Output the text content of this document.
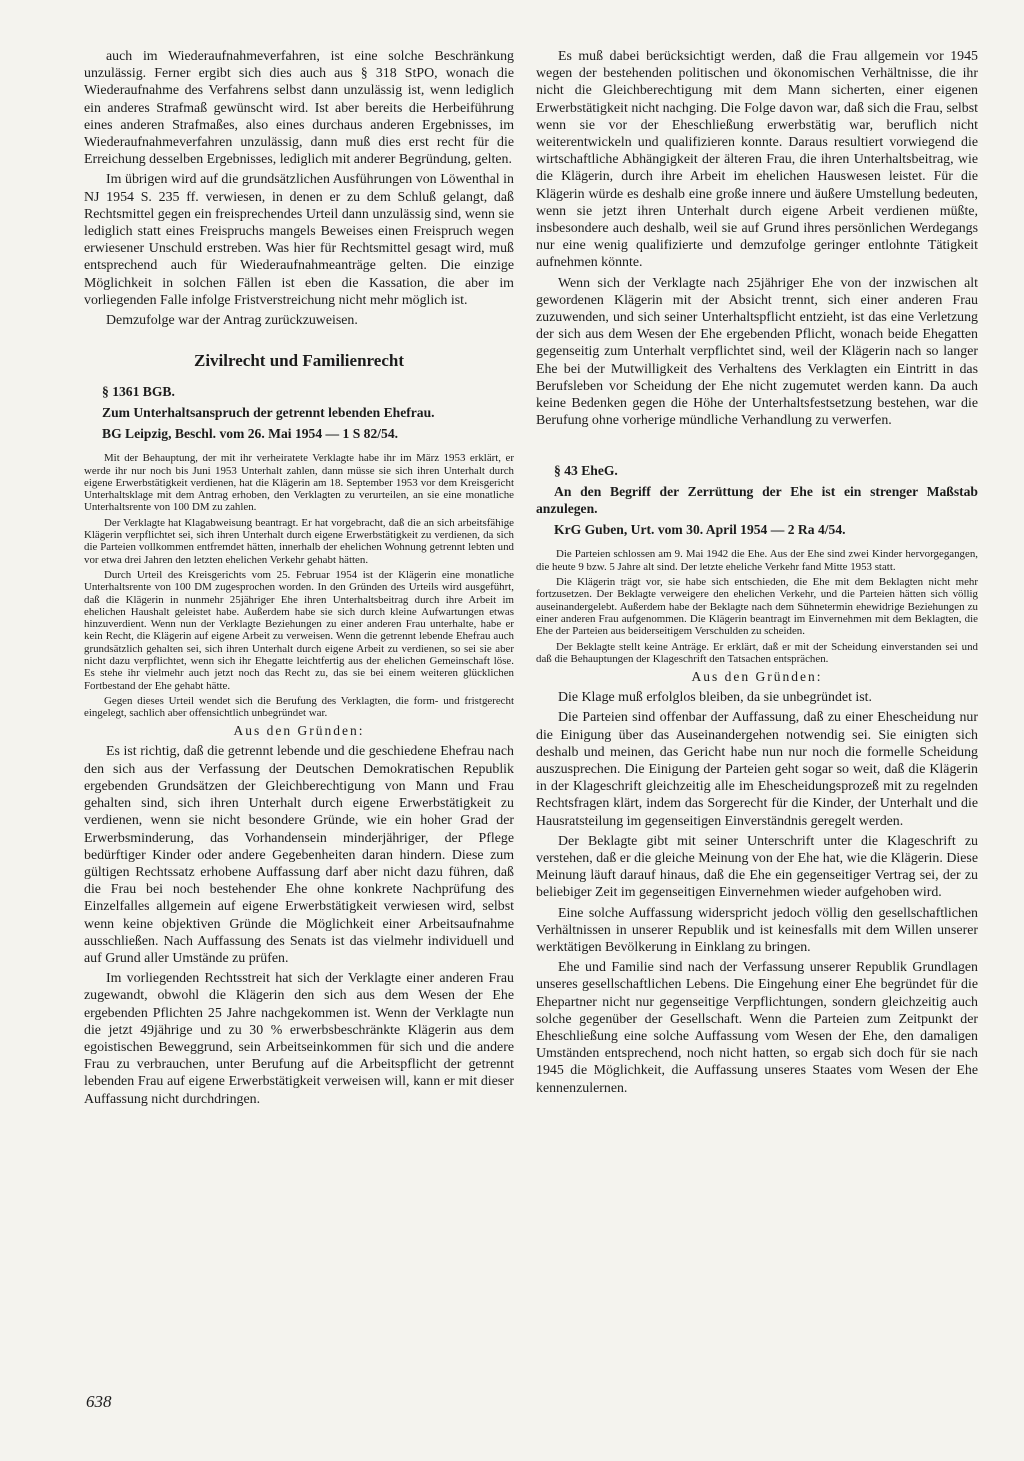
auch im Wiederaufnahmeverfahren, ist eine solche Beschränkung unzulässig. Ferner ergibt sich dies auch aus § 318 StPO, wonach die Wiederaufnahme des Verfahrens selbst dann unzulässig ist, wenn lediglich ein anderes Strafmaß gewünscht wird. Ist aber bereits die Herbeiführung eines anderen Strafmaßes, also eines durchaus anderen Ergebnisses, im Wiederaufnahmeverfahren unzulässig, dann muß dies erst recht für die Erreichung desselben Ergebnisses, lediglich mit anderer Begründung, gelten.

Im übrigen wird auf die grundsätzlichen Ausführungen von Löwenthal in NJ 1954 S. 235 ff. verwiesen, in denen er zu dem Schluß gelangt, daß Rechtsmittel gegen ein freisprechendes Urteil dann unzulässig sind, wenn sie lediglich statt eines Freispruchs mangels Beweises einen Freispruch wegen erwiesener Unschuld erstreben. Was hier für Rechtsmittel gesagt wird, muß entsprechend auch für Wiederaufnahmeanträge gelten. Die einzige Möglichkeit in solchen Fällen ist eben die Kassation, die aber im vorliegenden Falle infolge Fristverstreichung nicht mehr möglich ist.

Demzufolge war der Antrag zurückzuweisen.

Zivilrecht und Familienrecht

§ 1361 BGB.

Zum Unterhaltsanspruch der getrennt lebenden Ehefrau.

BG Leipzig, Beschl. vom 26. Mai 1954 — 1 S 82/54.

Mit der Behauptung, der mit ihr verheiratete Verklagte habe ihr im März 1953 erklärt, er werde ihr nur noch bis Juni 1953 Unterhalt zahlen, dann müsse sie sich ihren Unterhalt durch eigene Erwerbstätigkeit verdienen, hat die Klägerin am 18. September 1953 vor dem Kreisgericht Unterhaltsklage mit dem Antrag erhoben, den Verklagten zu verurteilen, an sie eine monatliche Unterhaltsrente von 100 DM zu zahlen.

Der Verklagte hat Klagabweisung beantragt. Er hat vorgebracht, daß die an sich arbeitsfähige Klägerin verpflichtet sei, sich ihren Unterhalt durch eigene Erwerbstätigkeit zu verdienen, da sich die Parteien vollkommen entfremdet hätten, innerhalb der ehelichen Wohnung getrennt lebten und vor etwa drei Jahren den letzten ehelichen Verkehr gehabt hätten.

Durch Urteil des Kreisgerichts vom 25. Februar 1954 ist der Klägerin eine monatliche Unterhaltsrente von 100 DM zugesprochen worden. In den Gründen des Urteils wird ausgeführt, daß die Klägerin in nunmehr 25jähriger Ehe ihren Unterhaltsbeitrag durch ihre Arbeit im ehelichen Haushalt geleistet habe. Außerdem habe sie sich durch kleine Aufwartungen etwas hinzuverdient. Wenn nun der Verklagte Beziehungen zu einer anderen Frau unterhalte, habe er kein Recht, die Klägerin auf eigene Arbeit zu verweisen. Wenn die getrennt lebende Ehefrau auch grundsätzlich gehalten sei, sich ihren Unterhalt durch eigene Arbeit zu verdienen, so sei sie aber nicht dazu verpflichtet, wenn sich ihr Ehegatte leichtfertig aus der ehelichen Gemeinschaft löse. Es stehe ihr vielmehr auch jetzt noch das Recht zu, das sie bei einem weiteren glücklichen Fortbestand der Ehe gehabt hätte.

Gegen dieses Urteil wendet sich die Berufung des Verklagten, die form- und fristgerecht eingelegt, sachlich aber offensichtlich unbegründet war.

Aus den Gründen:

Es ist richtig, daß die getrennt lebende und die geschiedene Ehefrau nach den sich aus der Verfassung der Deutschen Demokratischen Republik ergebenden Grundsätzen der Gleichberechtigung von Mann und Frau gehalten sind, sich ihren Unterhalt durch eigene Erwerbstätigkeit zu verdienen, wenn sie nicht besondere Gründe, wie ein hoher Grad der Erwerbsminderung, das Vorhandensein minderjähriger, der Pflege bedürftiger Kinder oder andere Gegebenheiten daran hindern. Diese zum gültigen Rechtssatz erhobene Auffassung darf aber nicht dazu führen, daß die Frau bei noch bestehender Ehe ohne konkrete Nachprüfung des Einzelfalles allgemein auf eigene Erwerbstätigkeit verwiesen wird, selbst wenn keine objektiven Gründe die Möglichkeit einer Arbeitsaufnahme ausschließen. Nach Auffassung des Senats ist das vielmehr individuell und auf Grund aller Umstände zu prüfen.

Im vorliegenden Rechtsstreit hat sich der Verklagte einer anderen Frau zugewandt, obwohl die Klägerin den sich aus dem Wesen der Ehe ergebenden Pflichten 25 Jahre nachgekommen ist. Wenn der Verklagte nun die jetzt 49jährige und zu 30 % erwerbsbeschränkte Klägerin aus dem egoistischen Beweggrund, sein Arbeitseinkommen für sich und die andere Frau zu verbrauchen, unter Berufung auf die Arbeitspflicht der getrennt lebenden Frau auf eigene Erwerbstätigkeit verweisen will, kann er mit dieser Auffassung nicht durchdringen.

Es muß dabei berücksichtigt werden, daß die Frau allgemein vor 1945 wegen der bestehenden politischen und ökonomischen Verhältnisse, die ihr nicht die Gleichberechtigung mit dem Mann sicherten, einer eigenen Erwerbstätigkeit nicht nachging. Die Folge davon war, daß sich die Frau, selbst wenn sie vor der Eheschließung erwerbstätig war, beruflich nicht weiterentwickeln und qualifizieren konnte. Daraus resultiert vorwiegend die wirtschaftliche Abhängigkeit der älteren Frau, die ihren Unterhaltsbeitrag, wie die Klägerin, durch ihre Arbeit im ehelichen Hauswesen leistet. Für die Klägerin würde es deshalb eine große innere und äußere Umstellung bedeuten, wenn sie jetzt ihren Unterhalt durch eigene Arbeit verdienen müßte, insbesondere auch deshalb, weil sie auf Grund ihres persönlichen Werdegangs nur eine wenig qualifizierte und demzufolge geringer entlohnte Tätigkeit aufnehmen könnte.

Wenn sich der Verklagte nach 25jähriger Ehe von der inzwischen alt gewordenen Klägerin mit der Absicht trennt, sich einer anderen Frau zuzuwenden, und sich seiner Unterhaltspflicht entzieht, ist das eine Verletzung der sich aus dem Wesen der Ehe ergebenden Pflicht, wonach beide Ehegatten gegenseitig zum Unterhalt verpflichtet sind, weil der Klägerin nach so langer Ehe bei der Mutwilligkeit des Verhaltens des Verklagten ein Eintritt in das Berufsleben vor Scheidung der Ehe nicht zugemutet werden kann. Da auch keine Bedenken gegen die Höhe der Unterhaltsfestsetzung bestehen, war die Berufung ohne vorherige mündliche Verhandlung zu verwerfen.

§ 43 EheG.

An den Begriff der Zerrüttung der Ehe ist ein strenger Maßstab anzulegen.

KrG Guben, Urt. vom 30. April 1954 — 2 Ra 4/54.

Die Parteien schlossen am 9. Mai 1942 die Ehe. Aus der Ehe sind zwei Kinder hervorgegangen, die heute 9 bzw. 5 Jahre alt sind. Der letzte eheliche Verkehr fand Mitte 1953 statt.

Die Klägerin trägt vor, sie habe sich entschieden, die Ehe mit dem Beklagten nicht mehr fortzusetzen. Der Beklagte verweigere den ehelichen Verkehr, und die Parteien hätten sich völlig auseinandergelebt. Außerdem habe der Beklagte nach dem Sühnetermin ehewidrige Beziehungen zu einer anderen Frau aufgenommen. Die Klägerin beantragt im Einvernehmen mit dem Beklagten, die Ehe der Parteien aus beiderseitigem Verschulden zu scheiden.

Der Beklagte stellt keine Anträge. Er erklärt, daß er mit der Scheidung einverstanden sei und daß die Behauptungen der Klageschrift den Tatsachen entsprächen.

Aus den Gründen:

Die Klage muß erfolglos bleiben, da sie unbegründet ist.

Die Parteien sind offenbar der Auffassung, daß zu einer Ehescheidung nur die Einigung über das Auseinandergehen notwendig sei. Sie einigten sich deshalb und meinen, das Gericht habe nun nur noch die formelle Scheidung auszusprechen. Die Einigung der Parteien geht sogar so weit, daß die Klägerin in der Klageschrift gleichzeitig alle im Ehescheidungsprozeß mit zu regelnden Rechtsfragen klärt, indem das Sorgerecht für die Kinder, der Unterhalt und die Hausratsteilung im gegenseitigen Einverständnis geregelt werden.

Der Beklagte gibt mit seiner Unterschrift unter die Klageschrift zu verstehen, daß er die gleiche Meinung von der Ehe hat, wie die Klägerin. Diese Meinung läuft darauf hinaus, daß die Ehe ein gegenseitiger Vertrag sei, der zu beliebiger Zeit im gegenseitigen Einvernehmen wieder aufgehoben wird.

Eine solche Auffassung widerspricht jedoch völlig den gesellschaftlichen Verhältnissen in unserer Republik und ist keinesfalls mit dem Willen unserer werktätigen Bevölkerung in Einklang zu bringen.

Ehe und Familie sind nach der Verfassung unserer Republik Grundlagen unseres gesellschaftlichen Lebens. Die Eingehung einer Ehe begründet für die Ehepartner nicht nur gegenseitige Verpflichtungen, sondern gleichzeitig auch solche gegenüber der Gesellschaft. Wenn die Parteien zum Zeitpunkt der Eheschließung eine solche Auffassung vom Wesen der Ehe, den damaligen Umständen entsprechend, noch nicht hatten, so ergab sich doch für sie nach 1945 die Möglichkeit, die Auffassung unseres Staates vom Wesen der Ehe kennenzulernen.

638
